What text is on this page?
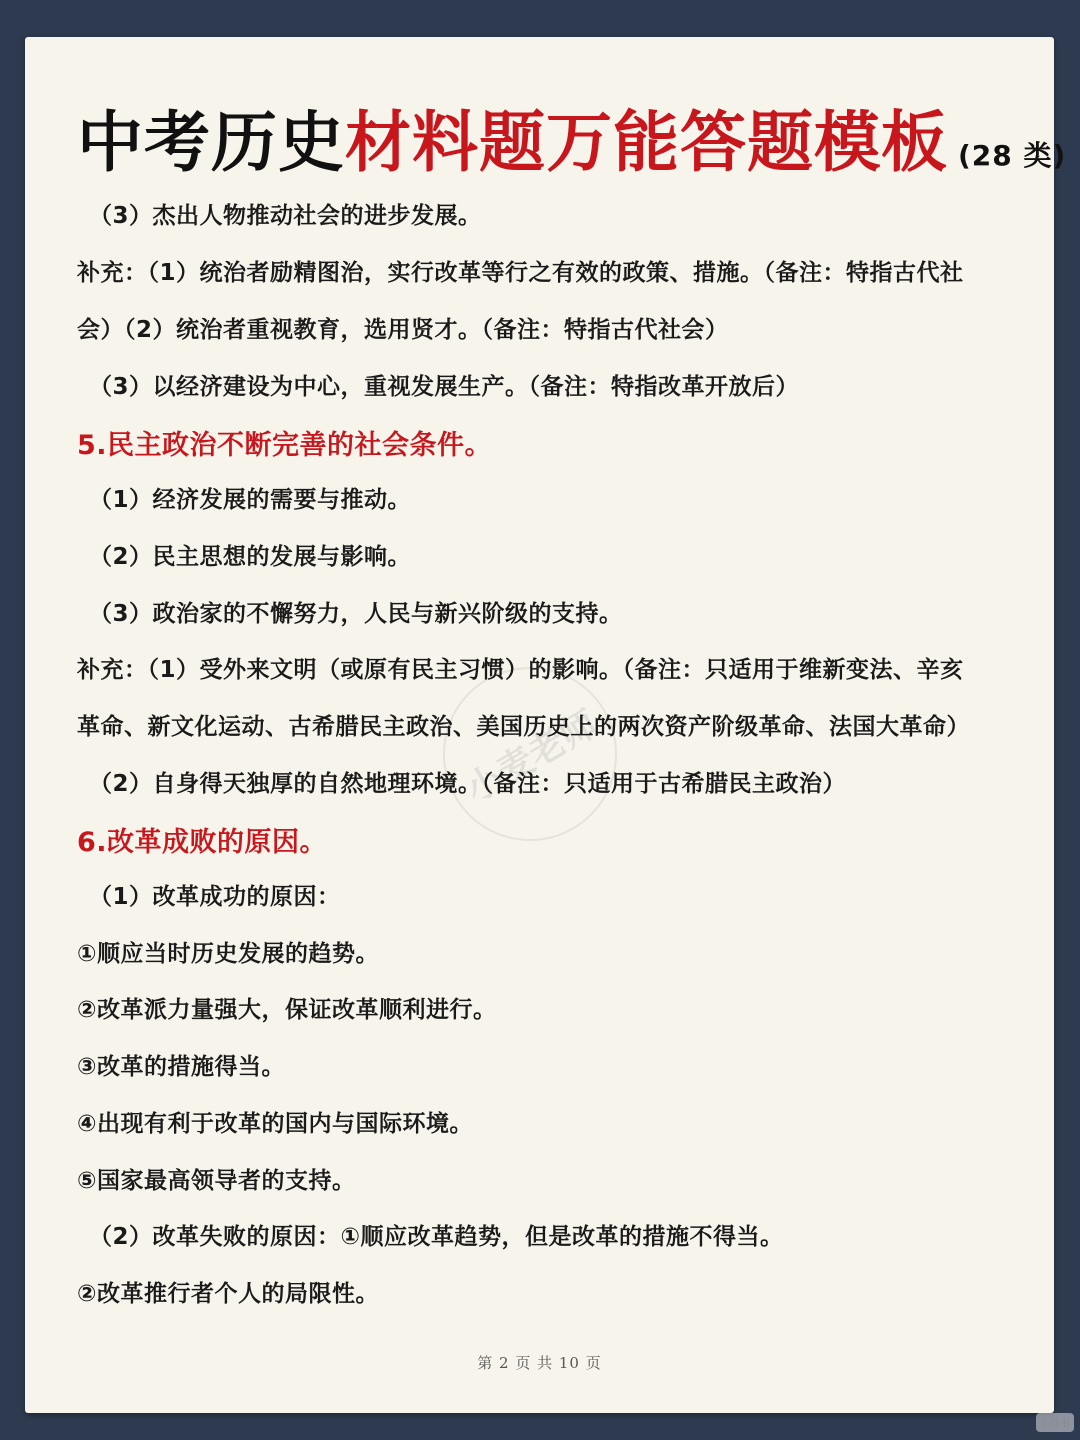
中考历史材料题万能答题模板 (28 类)
小麦老师
（3）杰出人物推动社会的进步发展。
补充：（1）统治者励精图治，实行改革等行之有效的政策、措施。（备注：特指古代社
会）（2）统治者重视教育，选用贤才。（备注：特指古代社会）
（3）以经济建设为中心，重视发展生产。（备注：特指改革开放后）
5.民主政治不断完善的社会条件。
（1）经济发展的需要与推动。
（2）民主思想的发展与影响。
（3）政治家的不懈努力，人民与新兴阶级的支持。
补充：（1）受外来文明（或原有民主习惯）的影响。（备注：只适用于维新变法、辛亥
革命、新文化运动、古希腊民主政治、美国历史上的两次资产阶级革命、法国大革命）
（2）自身得天独厚的自然地理环境。（备注：只适用于古希腊民主政治）
6.改革成败的原因。
（1）改革成功的原因：
①顺应当时历史发展的趋势。
②改革派力量强大，保证改革顺利进行。
③改革的措施得当。
④出现有利于改革的国内与国际环境。
⑤国家最高领导者的支持。
（2）改革失败的原因：①顺应改革趋势，但是改革的措施不得当。
②改革推行者个人的局限性。
第 2 页 共 10 页
小红书
